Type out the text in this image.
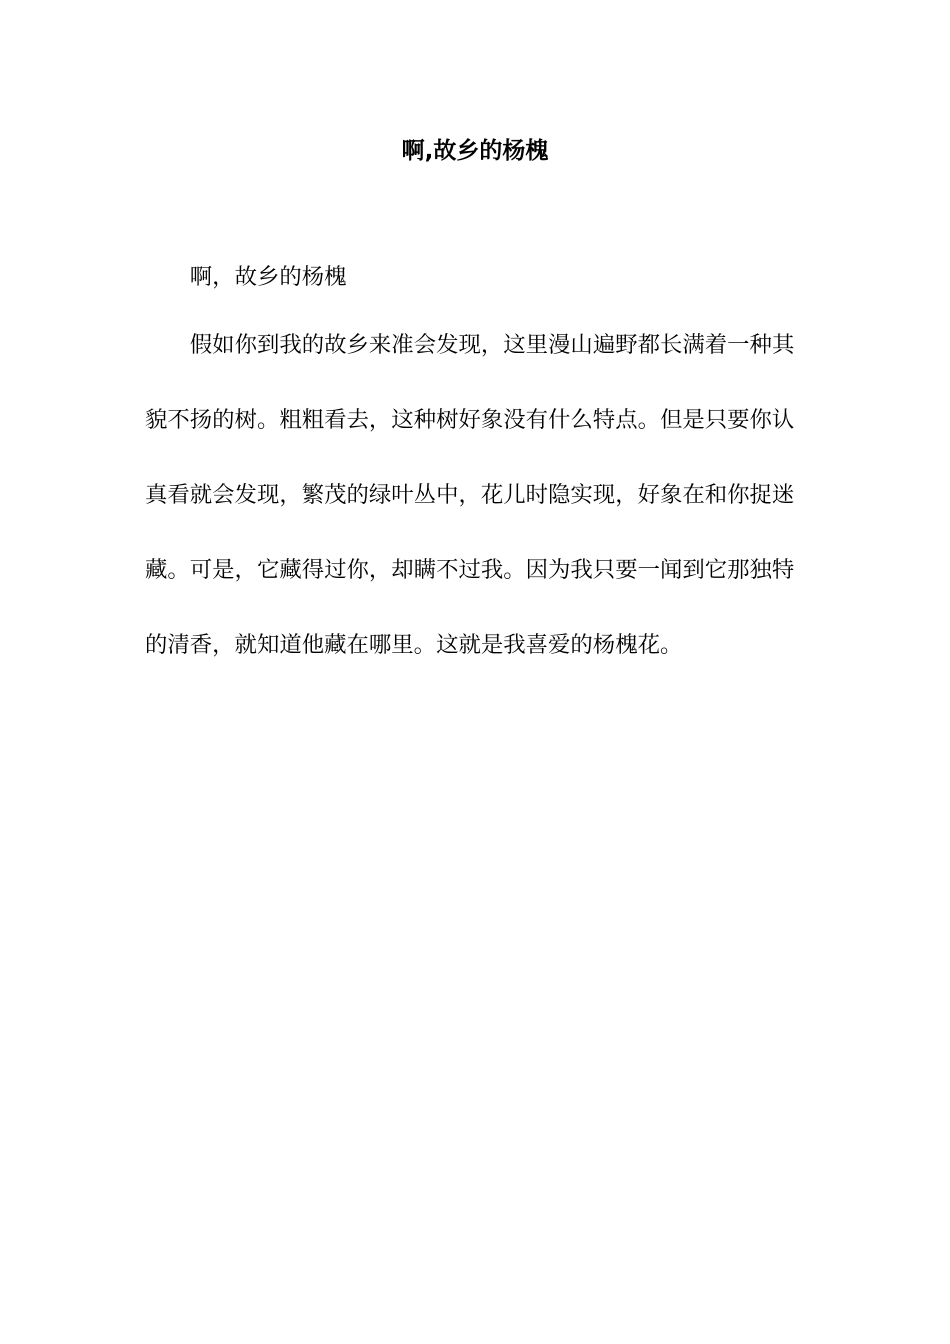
啊,故乡的杨槐

啊，故乡的杨槐

假如你到我的故乡来准会发现，这里漫山遍野都长满着一种其貌不扬的树。粗粗看去，这种树好象没有什么特点。但是只要你认真看就会发现，繁茂的绿叶丛中，花儿时隐实现，好象在和你捉迷藏。可是，它藏得过你，却瞒不过我。因为我只要一闻到它那独特的清香，就知道他藏在哪里。这就是我喜爱的杨槐花。
